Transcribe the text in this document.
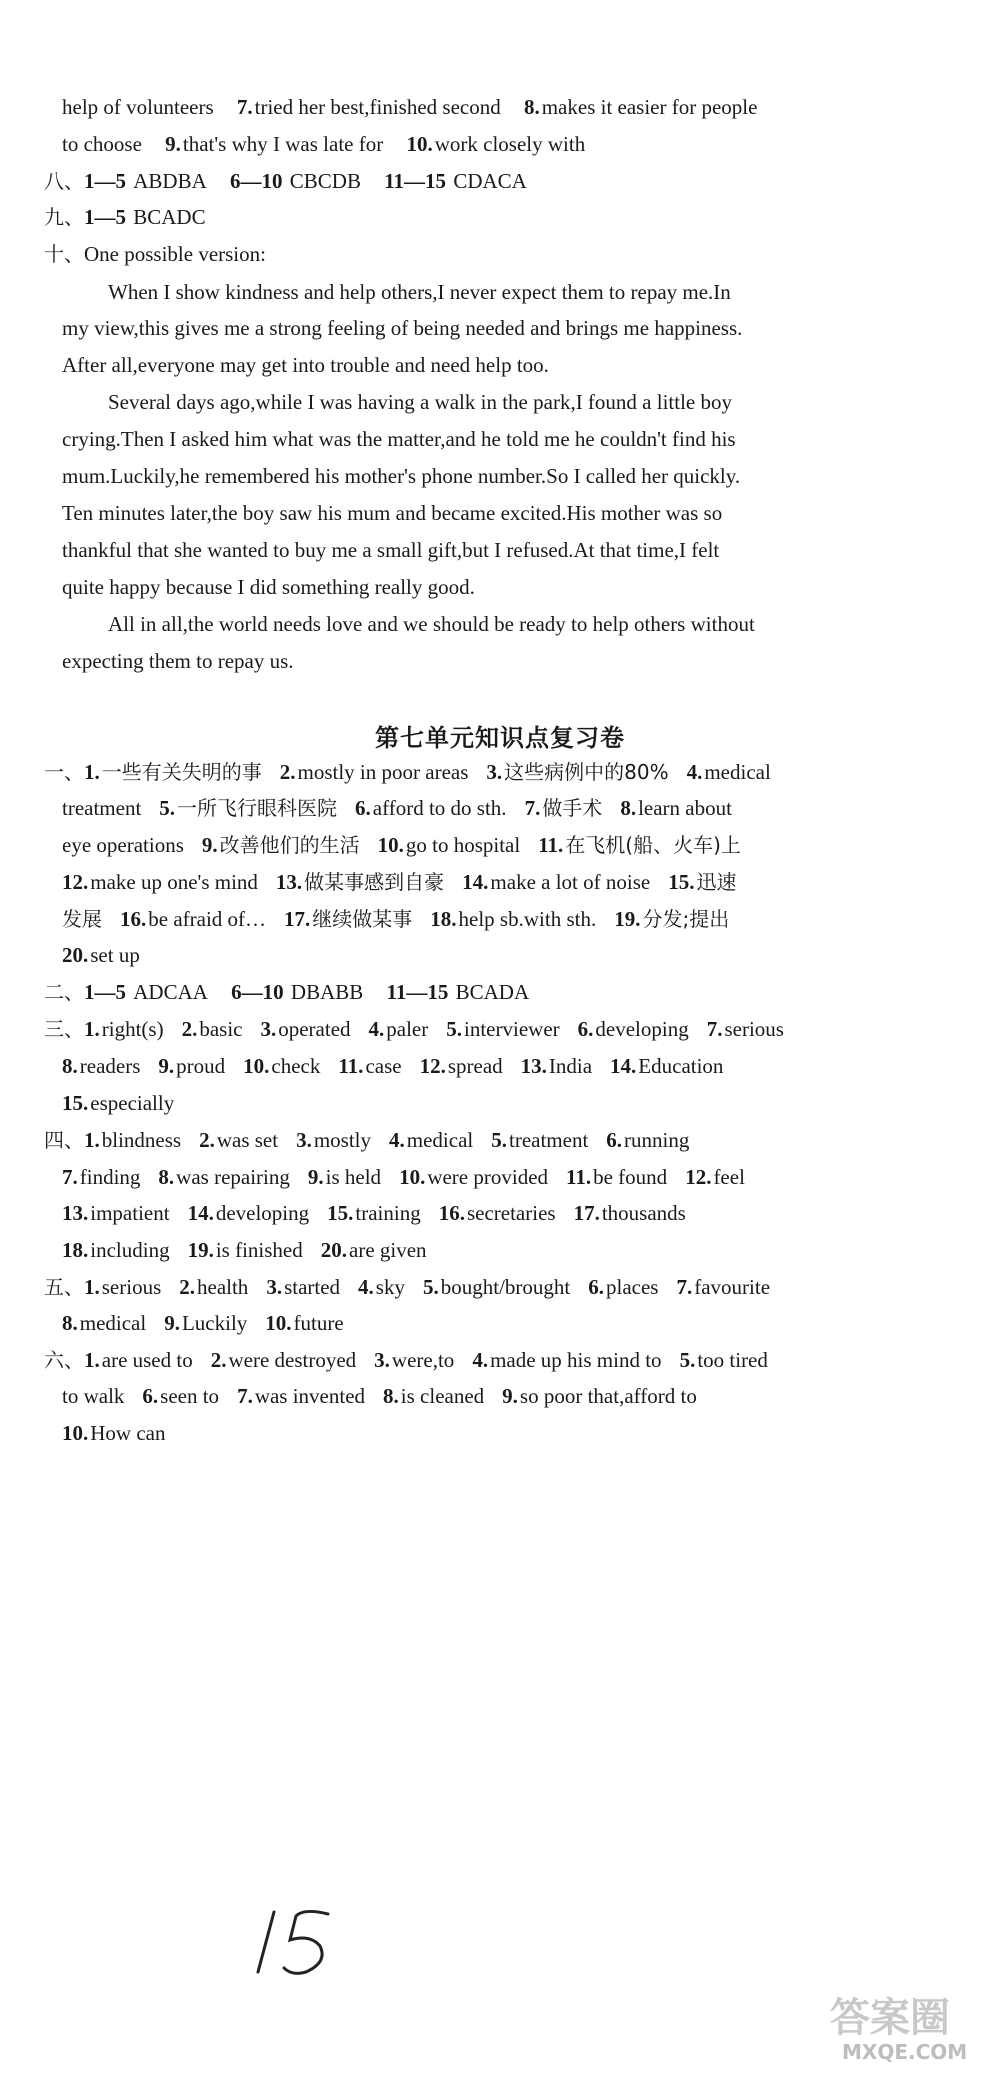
help of volunteers 7.tried her best,finished second 8.makes it easier for people
to choose 9.that's why I was late for 10.work closely with
八、1—5 ABDBA 6—10 CBCDB 11—15 CDACA
九、1—5 BCADC
十、One possible version:
When I show kindness and help others,I never expect them to repay me.In
my view,this gives me a strong feeling of being needed and brings me happiness.
After all,everyone may get into trouble and need help too.
Several days ago,while I was having a walk in the park,I found a little boy
crying.Then I asked him what was the matter,and he told me he couldn't find his
mum.Luckily,he remembered his mother's phone number.So I called her quickly.
Ten minutes later,the boy saw his mum and became excited.His mother was so
thankful that she wanted to buy me a small gift,but I refused.At that time,I felt
quite happy because I did something really good.
All in all,the world needs love and we should be ready to help others without
expecting them to repay us.
第七单元知识点复习卷
一、1. 一些有关失明的事 2.mostly in poor areas 3. 这些病例中的80% 4.medical
treatment 5. 一所飞行眼科医院 6.afford to do sth. 7. 做手术 8.learn about
eye operations 9. 改善他们的生活 10.go to hospital 11. 在飞机(船、火车)上
12.make up one's mind 13. 做某事感到自豪 14.make a lot of noise 15. 迅速
发展 16.be afraid of… 17. 继续做某事 18.help sb.with sth. 19. 分发;提出
20.set up
二、1—5 ADCAA 6—10 DBABB 11—15 BCADA
三、1.right(s) 2.basic 3.operated 4.paler 5.interviewer 6.developing 7.serious
8.readers 9.proud 10.check 11.case 12.spread 13.India 14.Education
15.especially
四、1.blindness 2.was set 3.mostly 4.medical 5.treatment 6.running
7.finding 8.was repairing 9.is held 10.were provided 11.be found 12.feel
13.impatient 14.developing 15.training 16.secretaries 17.thousands
18.including 19.is finished 20.are given
五、1.serious 2.health 3.started 4.sky 5.bought/brought 6.places 7.favourite
8.medical 9.Luckily 10.future
六、1.are used to 2.were destroyed 3.were,to 4.made up his mind to 5.too tired
to walk 6.seen to 7.was invented 8.is cleaned 9.so poor that,afford to
10.How can
答案圈
MXQE.COM
